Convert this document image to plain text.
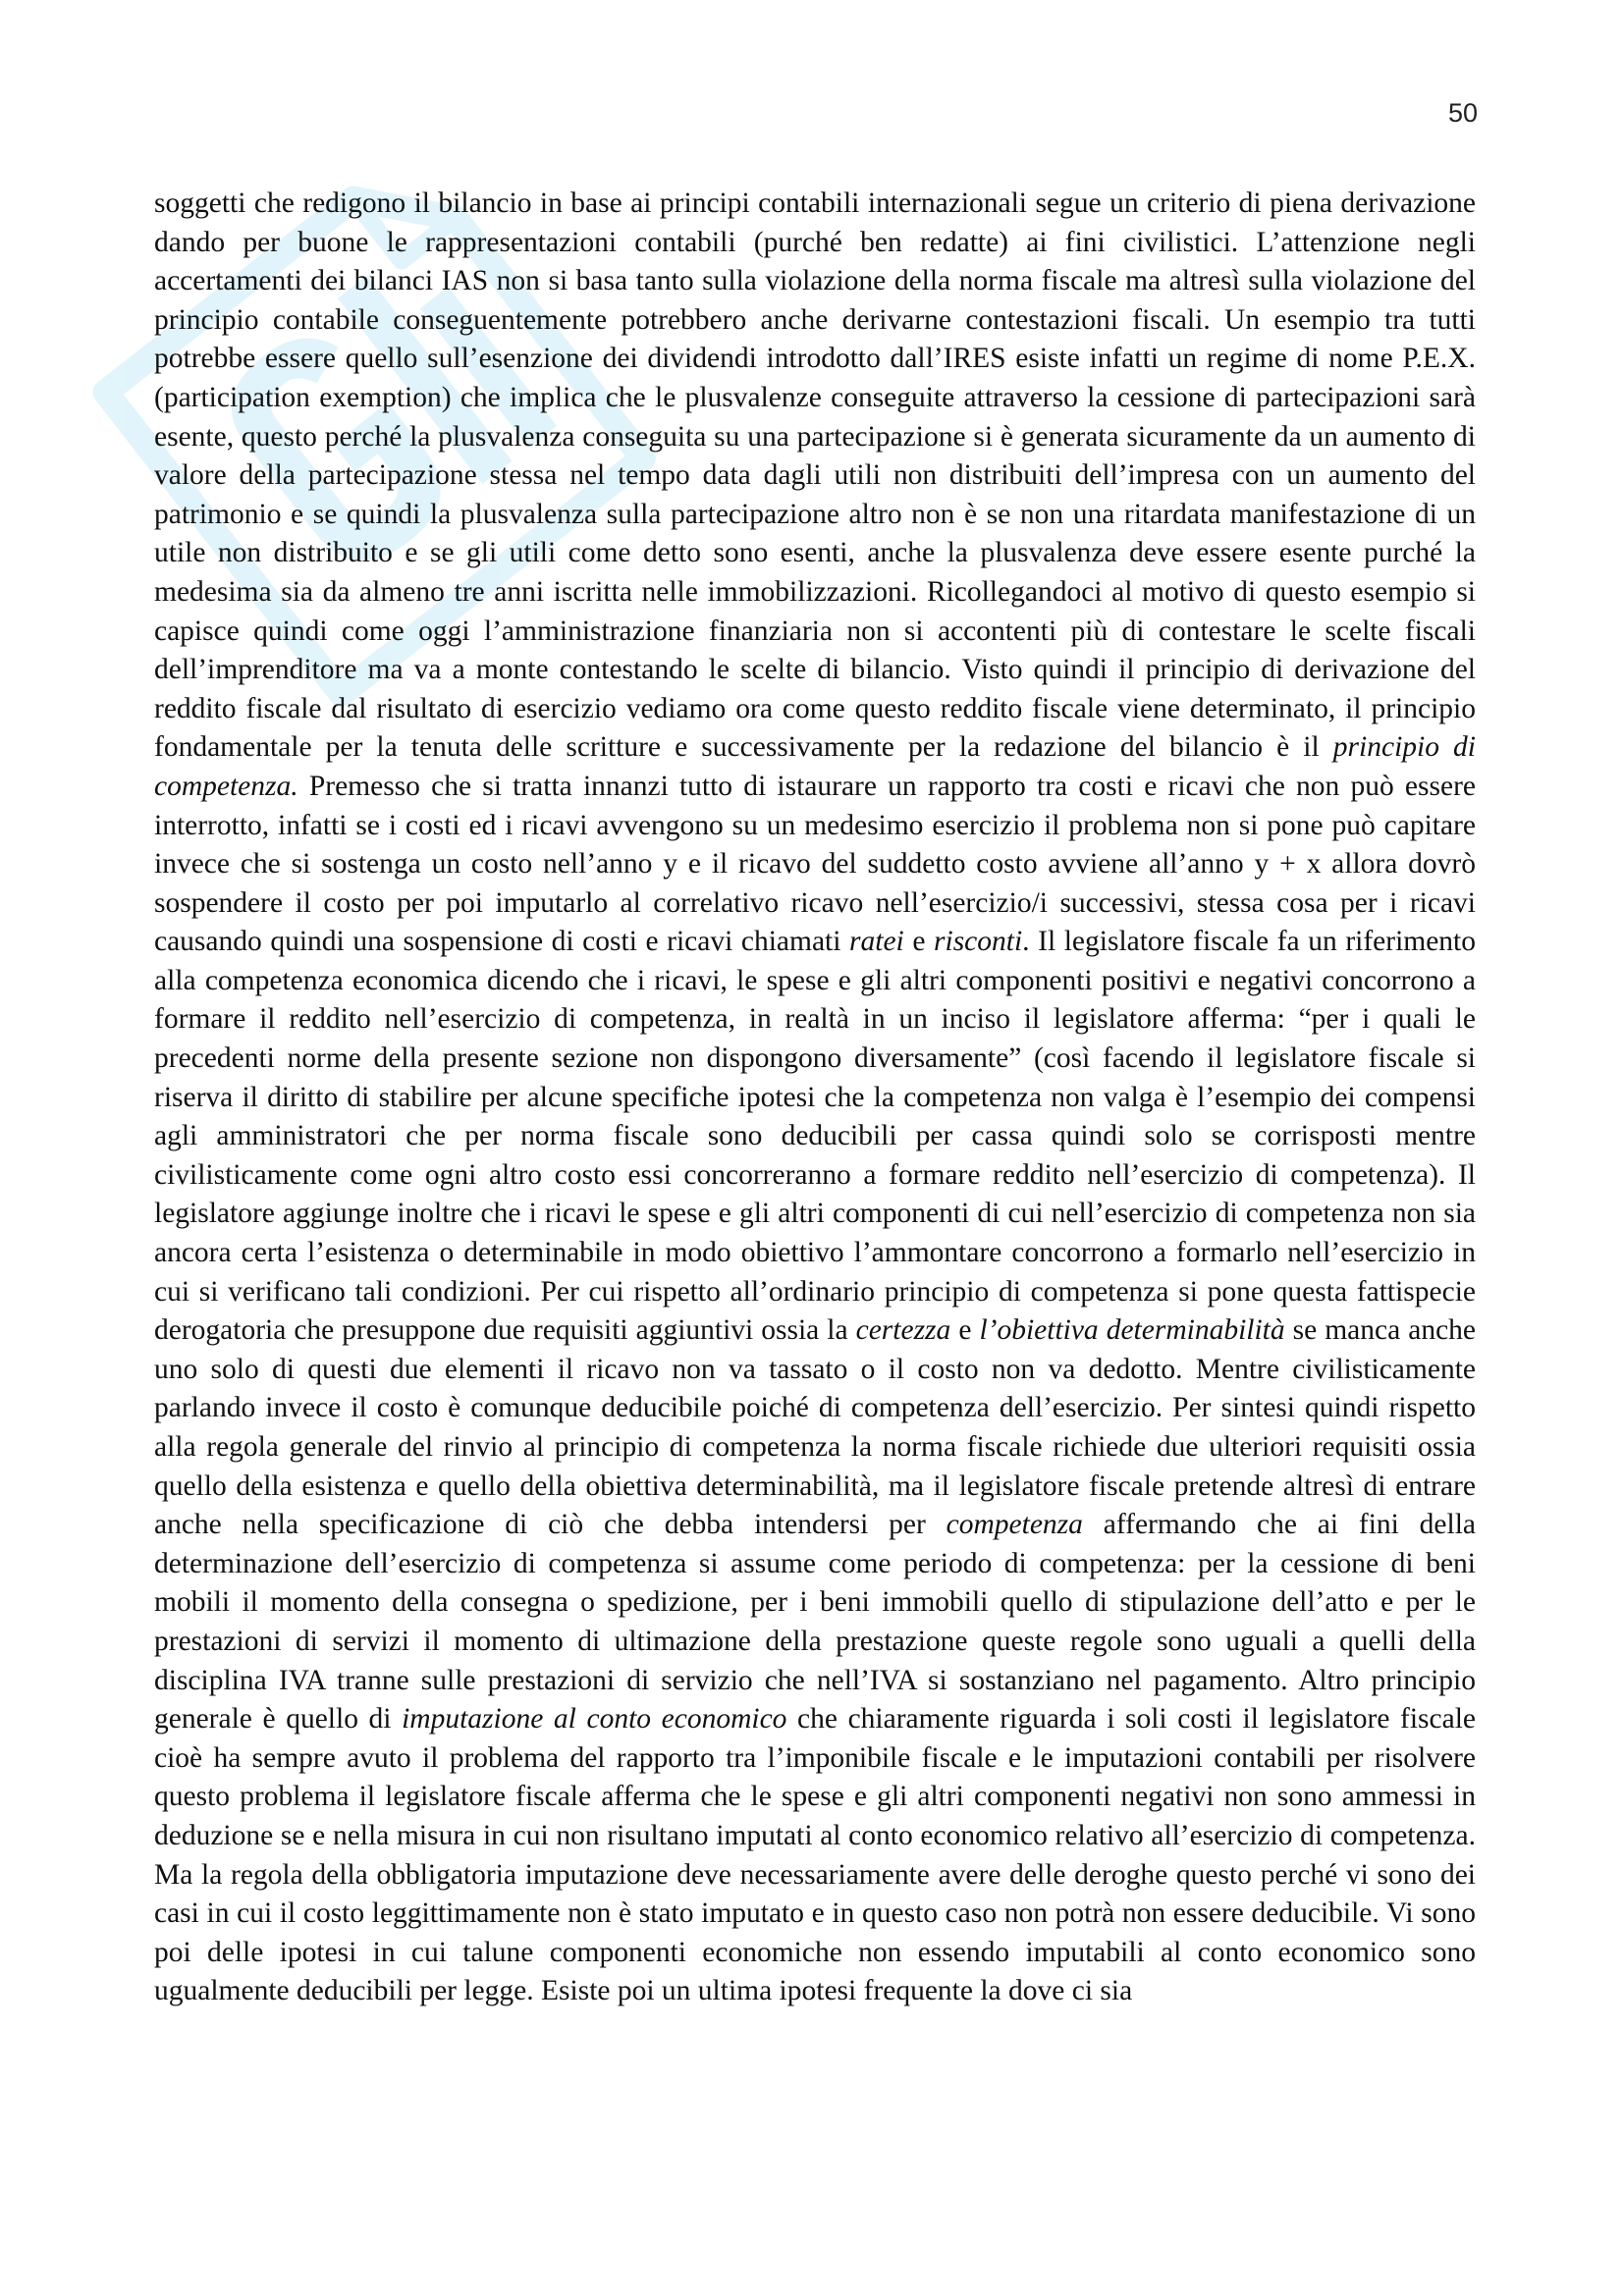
50

soggetti che redigono il bilancio in base ai principi contabili internazionali segue un criterio di piena derivazione dando per buone le rappresentazioni contabili (purché ben redatte) ai fini civilistici. L’attenzione negli accertamenti dei bilanci IAS non si basa tanto sulla violazione della norma fiscale ma altresì sulla violazione del principio contabile conseguentemente potrebbero anche derivarne contestazioni fiscali. Un esempio tra tutti potrebbe essere quello sull’esenzione dei dividendi introdotto dall’IRES esiste infatti un regime di nome P.E.X. (participation exemption) che implica che le plusvalenze conseguite attraverso la cessione di partecipazioni sarà esente, questo perché la plusvalenza conseguita su una partecipazione si è generata sicuramente da un aumento di valore della partecipazione stessa nel tempo data dagli utili non distribuiti dell’impresa con un aumento del patrimonio e se quindi la plusvalenza sulla partecipazione altro non è se non una ritardata manifestazione di un utile non distribuito e se gli utili come detto sono esenti, anche la plusvalenza deve essere esente purché la medesima sia da almeno tre anni iscritta nelle immobilizzazioni. Ricollegandoci al motivo di questo esempio si capisce quindi come oggi l’amministrazione finanziaria non si accontenti più di contestare le scelte fiscali dell’imprenditore ma va a monte contestando le scelte di bilancio. Visto quindi il principio di derivazione del reddito fiscale dal risultato di esercizio vediamo ora come questo reddito fiscale viene determinato, il principio fondamentale per la tenuta delle scritture e successivamente per la redazione del bilancio è il principio di competenza. Premesso che si tratta innanzi tutto di istaurare un rapporto tra costi e ricavi che non può essere interrotto, infatti se i costi ed i ricavi avvengono su un medesimo esercizio il problema non si pone può capitare invece che si sostenga un costo nell’anno y e il ricavo del suddetto costo avviene all’anno y + x allora dovrò sospendere il costo per poi imputarlo al correlativo ricavo nell’esercizio/i successivi, stessa cosa per i ricavi causando quindi una sospensione di costi e ricavi chiamati ratei e risconti. Il legislatore fiscale fa un riferimento alla competenza economica dicendo che i ricavi, le spese e gli altri componenti positivi e negativi concorrono a formare il reddito nell’esercizio di competenza, in realtà in un inciso il legislatore afferma: “per i quali le precedenti norme della presente sezione non dispongono diversamente” (così facendo il legislatore fiscale si riserva il diritto di stabilire per alcune specifiche ipotesi che la competenza non valga è l’esempio dei compensi agli amministratori che per norma fiscale sono deducibili per cassa quindi solo se corrisposti mentre civilisticamente come ogni altro costo essi concorreranno a formare reddito nell’esercizio di competenza). Il legislatore aggiunge inoltre che i ricavi le spese e gli altri componenti di cui nell’esercizio di competenza non sia ancora certa l’esistenza o determinabile in modo obiettivo l’ammontare concorrono a formarlo nell’esercizio in cui si verificano tali condizioni. Per cui rispetto all’ordinario principio di competenza si pone questa fattispecie derogatoria che presuppone due requisiti aggiuntivi ossia la certezza e l’obiettiva determinabilità se manca anche uno solo di questi due elementi il ricavo non va tassato o il costo non va dedotto. Mentre civilisticamente parlando invece il costo è comunque deducibile poiché di competenza dell’esercizio. Per sintesi quindi rispetto alla regola generale del rinvio al principio di competenza la norma fiscale richiede due ulteriori requisiti ossia quello della esistenza e quello della obiettiva determinabilità, ma il legislatore fiscale pretende altresì di entrare anche nella specificazione di ciò che debba intendersi per competenza affermando che ai fini della determinazione dell’esercizio di competenza si assume come periodo di competenza: per la cessione di beni mobili il momento della consegna o spedizione, per i beni immobili quello di stipulazione dell’atto e per le prestazioni di servizi il momento di ultimazione della prestazione queste regole sono uguali a quelli della disciplina IVA tranne sulle prestazioni di servizio che nell’IVA si sostanziano nel pagamento. Altro principio generale è quello di imputazione al conto economico che chiaramente riguarda i soli costi il legislatore fiscale cioè ha sempre avuto il problema del rapporto tra l’imponibile fiscale e le imputazioni contabili per risolvere questo problema il legislatore fiscale afferma che le spese e gli altri componenti negativi non sono ammessi in deduzione se e nella misura in cui non risultano imputati al conto economico relativo all’esercizio di competenza. Ma la regola della obbligatoria imputazione deve necessariamente avere delle deroghe questo perché vi sono dei casi in cui il costo leggittimamente non è stato imputato e in questo caso non potrà non essere deducibile. Vi sono poi delle ipotesi in cui talune componenti economiche non essendo imputabili al conto economico sono ugualmente deducibili per legge. Esiste poi un ultima ipotesi frequente la dove ci sia
